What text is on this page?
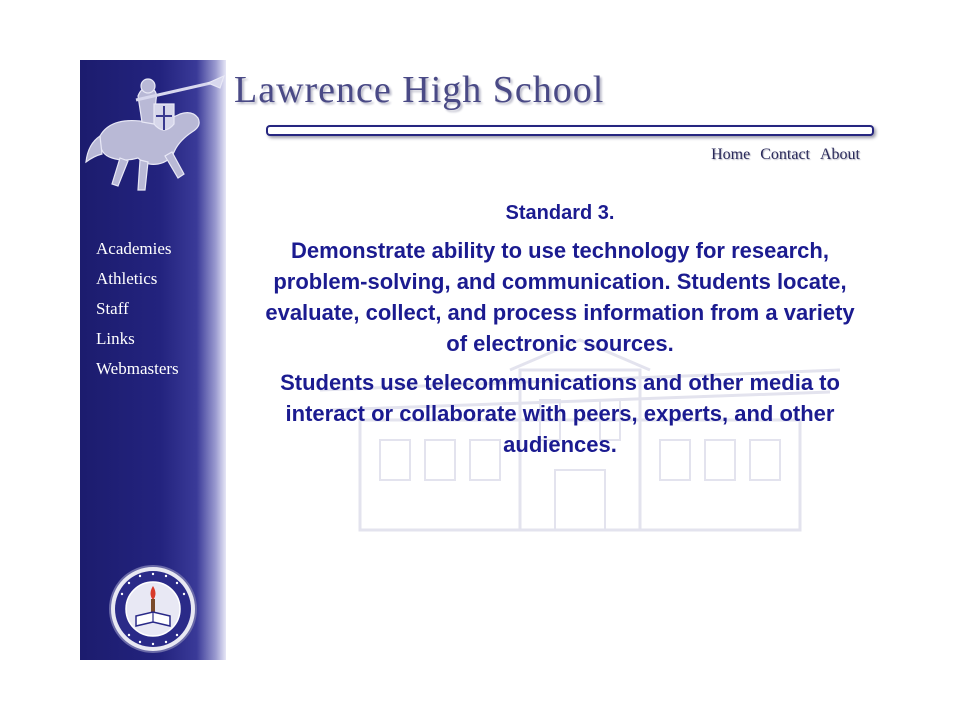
Academies
Athletics
Staff
Links
Webmasters
Lawrence High School
Home Contact About

Standard 3.

Demonstrate ability to use technology for research, problem-solving, and communication. Students locate, evaluate, collect, and process information from a variety of electronic sources.

Students use telecommunications and other media to interact or collaborate with peers, experts, and other audiences.
